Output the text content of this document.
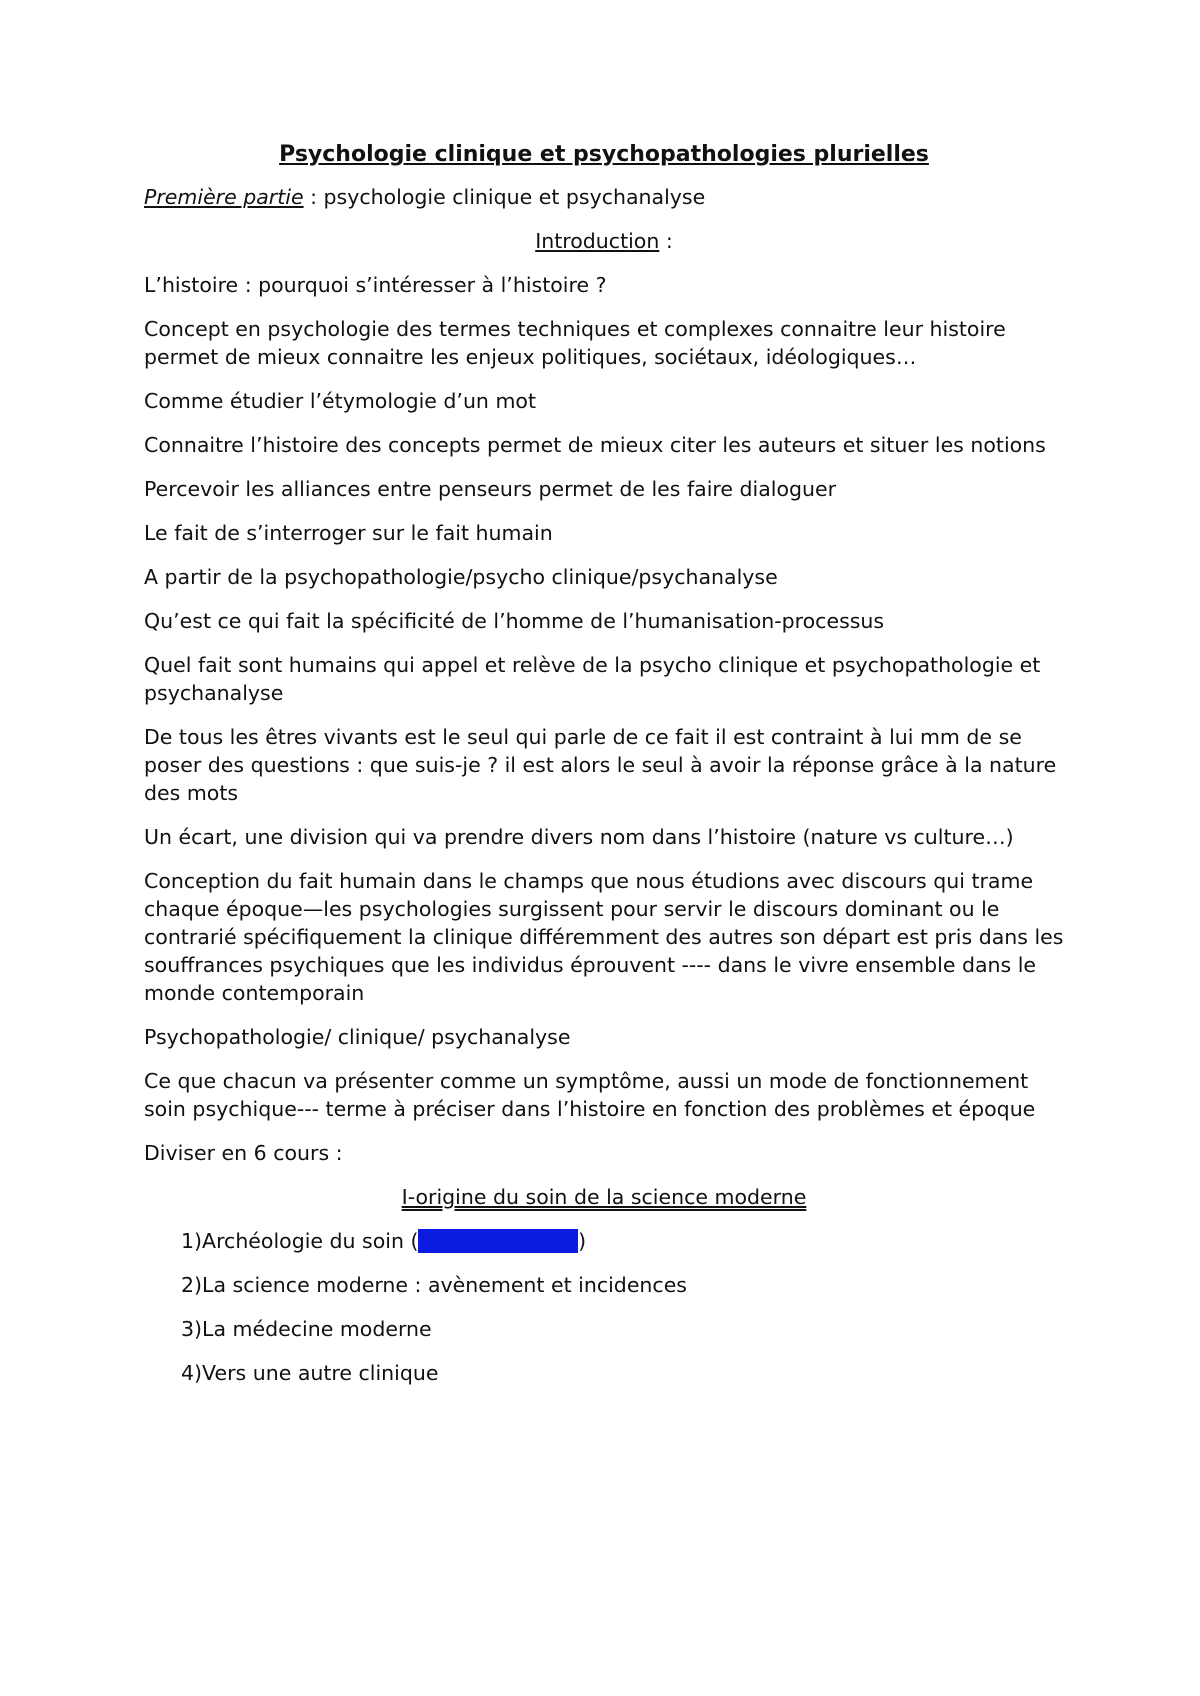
Psychologie clinique et psychopathologies plurielles

Première partie : psychologie clinique et psychanalyse

Introduction :

L’histoire : pourquoi s’intéresser à l’histoire ?

Concept en psychologie des termes techniques et complexes connaitre leur histoire permet de mieux connaitre les enjeux politiques, sociétaux, idéologiques…

Comme étudier l’étymologie d’un mot

Connaitre l’histoire des concepts permet de mieux citer les auteurs et situer les notions

Percevoir les alliances entre penseurs permet de les faire dialoguer

Le fait de s’interroger sur le fait humain

A partir de la psychopathologie/psycho clinique/psychanalyse

Qu’est ce qui fait la spécificité de l’homme de l’humanisation-processus

Quel fait sont humains qui appel et relève de la psycho clinique et psychopathologie et psychanalyse

De tous les êtres vivants est le seul qui parle de ce fait il est contraint à lui mm de se poser des questions : que suis-je ? il est alors le seul à avoir la réponse grâce à la nature des mots

Un écart, une division qui va prendre divers nom dans l’histoire (nature vs culture…)

Conception du fait humain dans le champs que nous étudions avec discours qui trame chaque époque—les psychologies surgissent pour servir le discours dominant ou le contrarié spécifiquement la clinique différemment des autres son départ est pris dans les souffrances psychiques que les individus éprouvent ---- dans le vivre ensemble dans le monde contemporain

Psychopathologie/ clinique/ psychanalyse

Ce que chacun va présenter comme un symptôme, aussi un mode de fonctionnement soin psychique--- terme à préciser dans l’histoire en fonction des problèmes et époque

Diviser en 6 cours :

I-origine du soin de la science moderne

1)Archéologie du soin (Michel Foucault)

2)La science moderne : avènement et incidences

3)La médecine moderne

4)Vers une autre clinique
